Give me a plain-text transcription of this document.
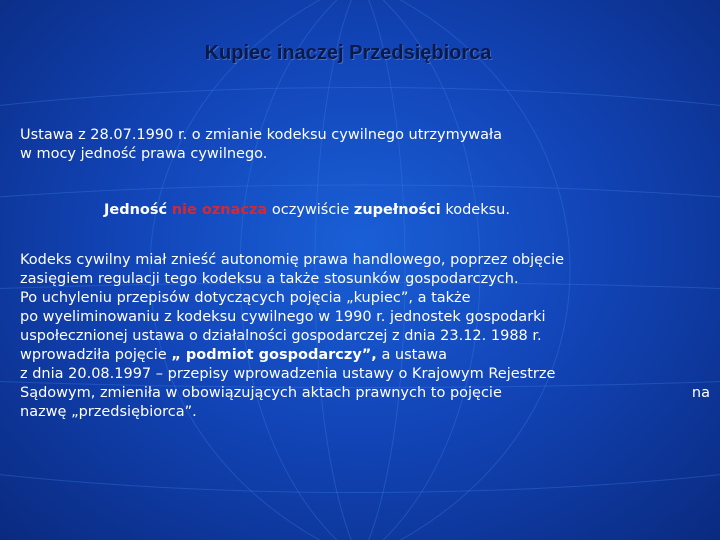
Kupiec inaczej Przedsiębiorca

Ustawa z 28.07.1990 r. o zmianie kodeksu cywilnego utrzymywała
w mocy jedność prawa cywilnego.

Jedność nie oznacza oczywiście zupełności kodeksu.

Kodeks cywilny miał znieść autonomię prawa handlowego, poprzez objęcie
zasięgiem regulacji tego kodeksu a także stosunków gospodarczych.
Po uchyleniu przepisów dotyczących pojęcia „kupiec”, a także
po wyeliminowaniu z kodeksu cywilnego w 1990 r. jednostek gospodarki
uspołecznionej ustawa o działalności gospodarczej z dnia 23.12. 1988 r.
wprowadziła pojęcie „ podmiot gospodarczy”, a ustawa
z dnia 20.08.1997 – przepisy wprowadzenia ustawy o Krajowym Rejestrze

Sądowym, zmieniła w obowiązujących aktach prawnych to pojęcie	na
nazwę „przedsiębiorca”.
